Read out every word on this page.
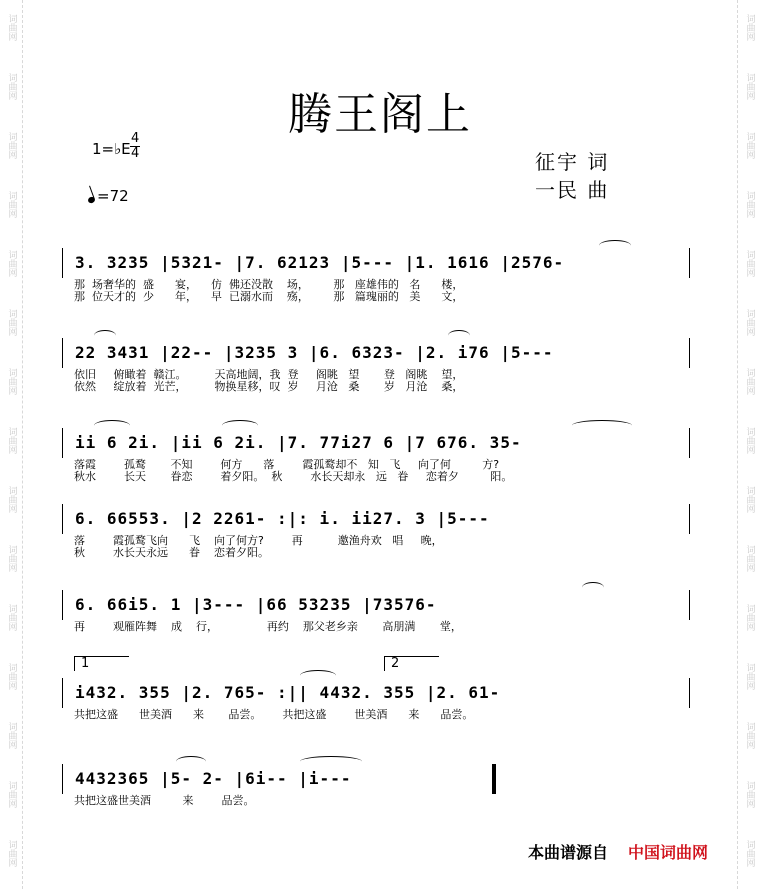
词曲网
词曲网
词曲网
词曲网
词曲网
词曲网
词曲网
词曲网
词曲网
词曲网
词曲网
词曲网
词曲网
词曲网
词曲网
词曲网
词曲网
词曲网
词曲网
词曲网
词曲网
词曲网
词曲网
词曲网
词曲网
词曲网
词曲网
词曲网
词曲网
词曲网
腾王阁上
1=♭E
4
4
=72
征宇 词
一民 曲
3. 3235 |5321- |7. 62123 |5--- |1. 1616 |2576-
那  场奢华的  盛      宴，    仿  佛还没散    场，       那   座雄伟的   名      楼，
那  位天才的  少      年，    早  已溺水而    殇，       那   篇瑰丽的   美      文，
22 3431 |22-- |3235 3 |6. 6323- |2. i76 |5---
依旧     俯瞰着  赣江。        天高地阔，我  登     阁眺   望       登   阁眺    望，
依然     绽放着  光芒，        物换星移，叹  岁     月沧   桑       岁   月沧    桑，
ii 6 2i. |ii 6 2i. |7. 77i27 6 |7 676. 35-
落霞        孤鹜       不知        何方      落        霞孤鹜却不   知   飞     向了何         方?
秋水        长天       眷恋        着夕阳。  秋        水长天却永   远   眷     恋着夕         阳。
6. 66553. |2 2261- :|: i. ii27. 3 |5---
落        霞孤鹜飞向      飞    向了何方?        再          邀渔舟欢   唱     晚，
秋        水长天永远      眷    恋着夕阳。
6. 66i5. 1 |3--- |66 53235 |73576-
再        观雁阵舞    成    行，              再约    那父老乡亲       高朋满       堂，
1	2
i432. 355 |2. 765- :|| 4432. 355 |2. 61-
共把这盛      世美酒      来       品尝。      共把这盛        世美酒      来      品尝。
4432365 |5- 2- |6i-- |i---
共把这盛世美酒         来        品尝。
本曲谱源自 中国词曲网
